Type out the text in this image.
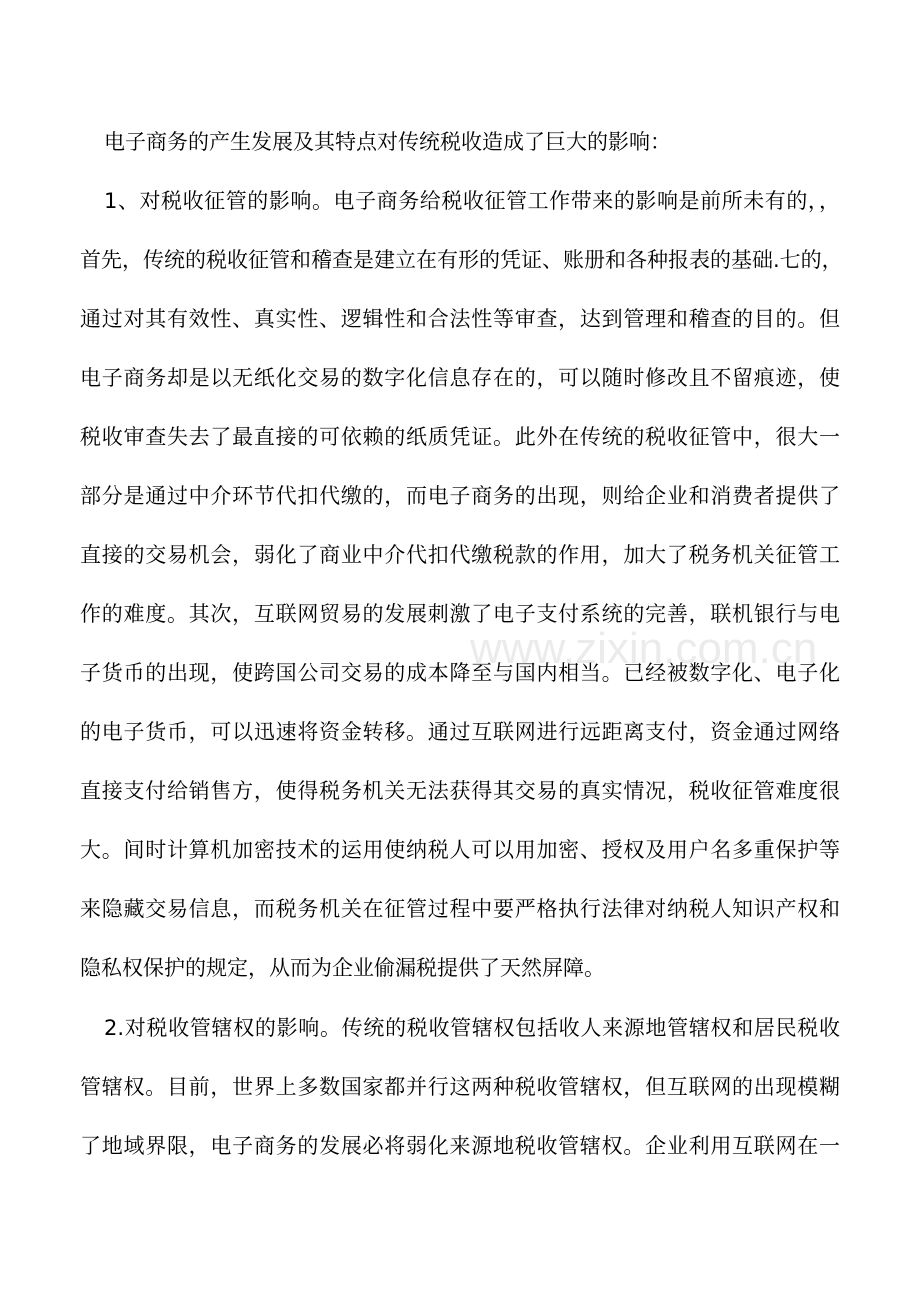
电子商务的产生发展及其特点对传统税收造成了巨大的影响：
1、对税收征管的影响。电子商务给税收征管工作带来的影响是前所未有的，，
首先，传统的税收征管和稽查是建立在有形的凭证、账册和各种报表的基础.七的，
通过对其有效性、真实性、逻辑性和合法性等审查，达到管理和稽查的目的。但
电子商务却是以无纸化交易的数字化信息存在的，可以随时修改且不留痕迹，使
税收审查失去了最直接的可依赖的纸质凭证。此外在传统的税收征管中，很大一
部分是通过中介环节代扣代缴的，而电子商务的出现，则给企业和消费者提供了
直接的交易机会，弱化了商业中介代扣代缴税款的作用，加大了税务机关征管工
作的难度。其次，互联网贸易的发展刺激了电子支付系统的完善，联机银行与电
子货币的出现，使跨国公司交易的成本降至与国内相当。已经被数字化、电子化
的电子货币，可以迅速将资金转移。通过互联网进行远距离支付，资金通过网络
直接支付给销售方，使得税务机关无法获得其交易的真实情况，税收征管难度很
大。间时计算机加密技术的运用使纳税人可以用加密、授权及用户名多重保护等
来隐藏交易信息，而税务机关在征管过程中要严格执行法律对纳税人知识产权和
隐私权保护的规定，从而为企业偷漏税提供了天然屏障。
2.对税收管辖权的影响。传统的税收管辖权包括收人来源地管辖权和居民税收
管辖权。目前，世界上多数国家都并行这两种税收管辖权，但互联网的出现模糊
了地域界限，电子商务的发展必将弱化来源地税收管辖权。企业利用互联网在一
www.zixin.com.cn
